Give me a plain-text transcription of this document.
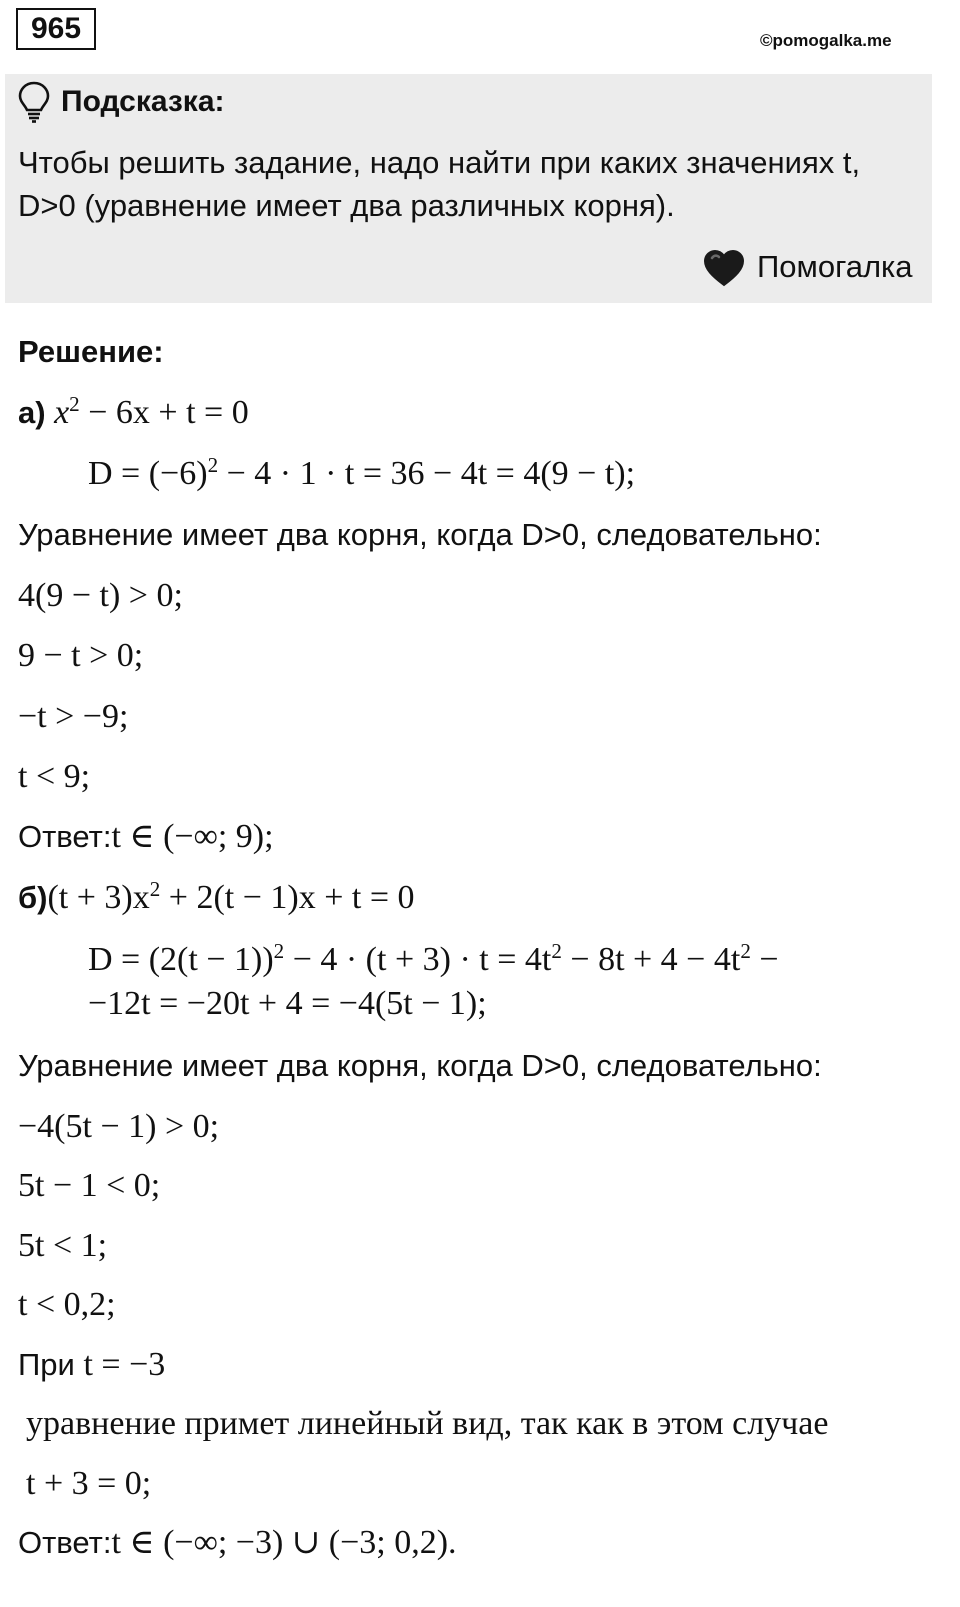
965	©pomogalka.me
Подсказка:
Чтобы решить задание, надо найти при каких значениях t,
D>0 (уравнение имеет два различных корня).
Помогалка
Решение:
а) $x^2 - 6x + t = 0$
$D = (-6)^2 - 4 \cdot 1 \cdot t = 36 - 4t = 4(9 - t)$;
Уравнение имеет два корня, когда D>0, следовательно:
4(9 − t) > 0;
9 − t > 0;
−t > −9;
t < 9;
Ответ:t ∈ (−∞; 9);
$б)(t + 3)x^2 + 2(t - 1)x + t = 0$
$D = (2(t - 1))^2 - 4 \cdot (t + 3) \cdot t = 4t^2 - 8t + 4 - 4t^2$ −
−12t = −20t + 4 = −4(5t − 1);
Уравнение имеет два корня, когда D>0, следовательно:
−4(5t − 1) > 0;
5t − 1 < 0;
5t < 1;
t < 0,2;
При t = −3
уравнение примет линейный вид, так как в этом случае
t + 3 = 0;
Ответ:t ∈ (−∞; −3) ∪ (−3; 0,2).
